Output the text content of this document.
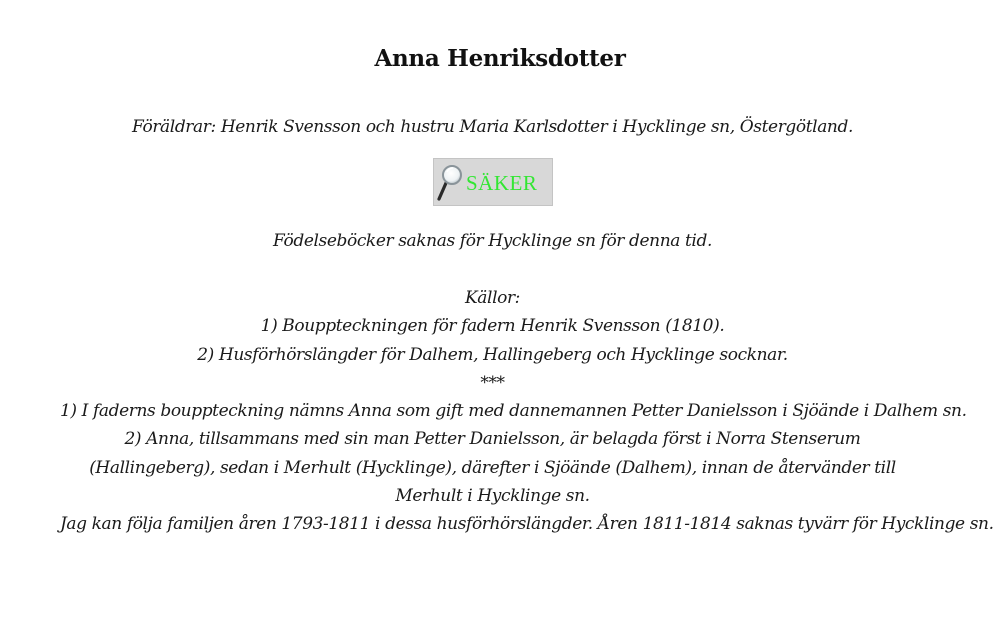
Anna Henriksdotter
Föräldrar: Henrik Svensson och hustru Maria Karlsdotter i Hycklinge sn, Östergötland.
SÄKER
Födelseböcker saknas för Hycklinge sn för denna tid.
Källor:
1) Bouppteckningen för fadern Henrik Svensson (1810).
2) Husförhörslängder för Dalhem, Hallingeberg och Hycklinge socknar.
***
1) I faderns bouppteckning nämns Anna som gift med dannemannen Petter Danielsson i Sjöände i Dalhem sn.
2) Anna, tillsammans med sin man Petter Danielsson, är belagda först i Norra Stenserum (Hallingeberg), sedan i Merhult (Hycklinge), därefter i Sjöände (Dalhem), innan de återvänder till Merhult i Hycklinge sn.
Jag kan följa familjen åren 1793-1811 i dessa husförhörslängder. Åren 1811-1814 saknas tyvärr för Hycklinge sn.
